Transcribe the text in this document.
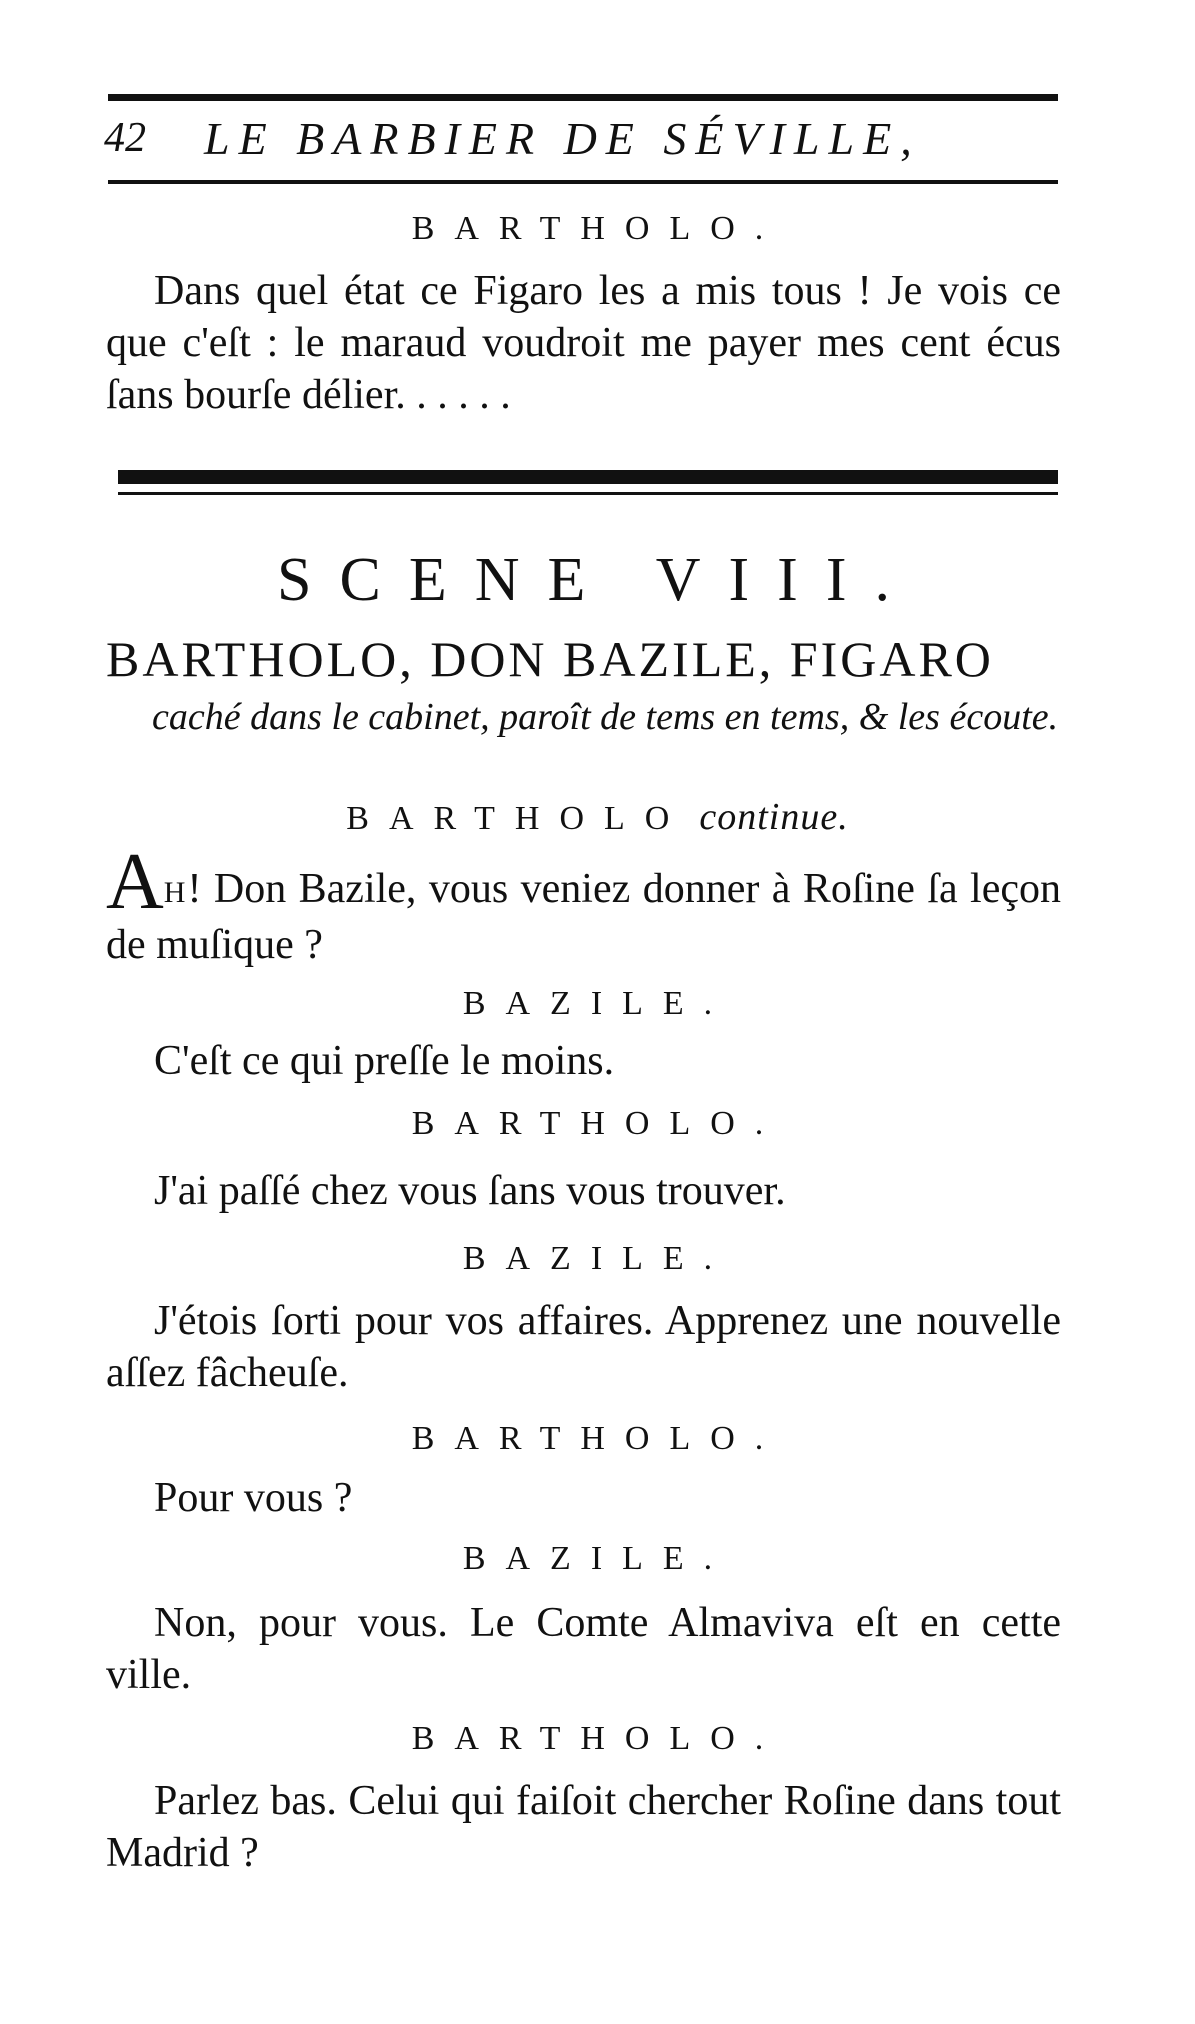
42 LE BARBIER DE SÉVILLE,
BARTHOLO.
Dans quel état ce Figaro les a mis tous ! Je vois ce que c'eſt : le maraud voudroit me payer mes cent écus ſans bourſe délier. . . . . .
SCENE VIII.
BARTHOLO, DON BAZILE, FIGARO
caché dans le cabinet, paroît de tems en tems, & les écoute.
BARTHOLO continue.
AH! Don Bazile, vous veniez donner à Roſine ſa leçon de muſique ?
BAZILE.
C'eſt ce qui preſſe le moins.
BARTHOLO.
J'ai paſſé chez vous ſans vous trouver.
BAZILE.
J'étois ſorti pour vos affaires. Apprenez une nouvelle aſſez fâcheuſe.
BARTHOLO.
Pour vous ?
BAZILE.
Non, pour vous. Le Comte Almaviva eſt en cette ville.
BARTHOLO.
Parlez bas. Celui qui faiſoit chercher Roſine dans tout Madrid ?
